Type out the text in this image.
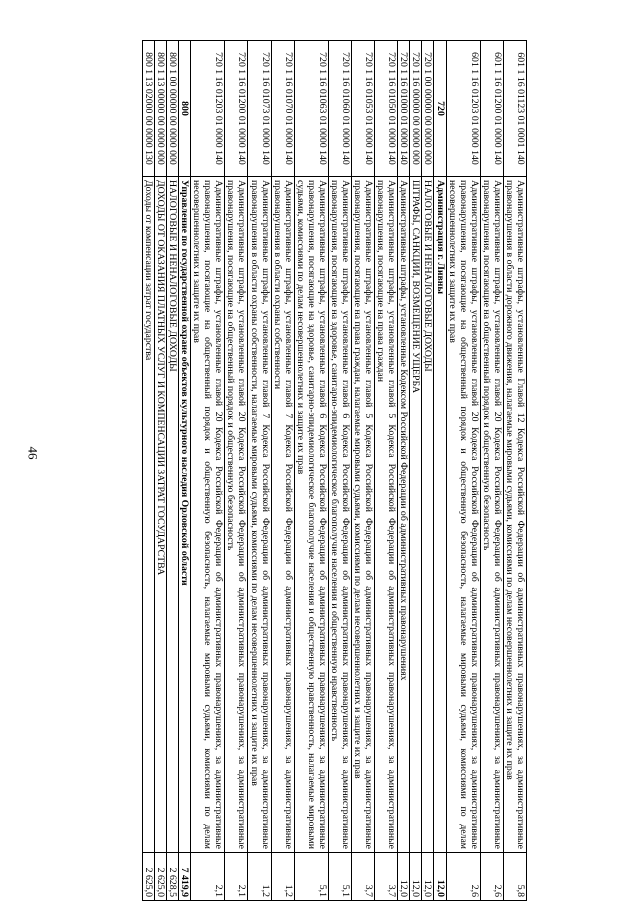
46
601 1 16 01123 01 0001 140	Административные штрафы, установленные Главой 12 Кодекса Российской Федерации об административных правонарушениях, за административные правонарушения в области дорожного движения, налагаемые мировыми судьями, комиссиями по делам несовершеннолетних и защите их прав	5,8
601 1 16 01200 01 0000 140	Административные штрафы, установленные главой 20 Кодекса Российской Федерации об административных правонарушениях, за административные правонарушения, посягающие на общественный порядок и общественную безопасность	2,6
601 1 16 01203 01 0000 140	Административные штрафы, установленные главой 20 Кодекса Российской Федерации об административных правонарушениях, за административные правонарушения, посягающие на общественный порядок и общественную безопасность, налагаемые мировыми судьями, комиссиями по делам несовершеннолетних и защите их прав	2,6
720	Администрация г. Ливны	12,0
720 1 00 00000 00 0000 000	НАЛОГОВЫЕ И НЕНАЛОГОВЫЕ ДОХОДЫ	12,0
720 1 16 00000 00 0000 000	ШТРАФЫ, САНКЦИИ, ВОЗМЕЩЕНИЕ УЩЕРБА	12,0
720 1 16 01000 01 0000 140	Административные штрафы, установленные Кодексом Российской Федерации об административных правонарушениях	12,0
720 1 16 01050 01 0000 140	Административные штрафы, установленные главой 5 Кодекса Российской Федерации об административных правонарушениях, за административные правонарушения, посягающие на права граждан	3,7
720 1 16 01053 01 0000 140	Административные штрафы, установленные главой 5 Кодекса Российской Федерации об административных правонарушениях, за административные правонарушения, посягающие на права граждан, налагаемые мировыми судьями, комиссиями по делам несовершеннолетних и защите их прав	3,7
720 1 16 01060 01 0000 140	Административные штрафы, установленные главой 6 Кодекса Российской Федерации об административных правонарушениях, за административные правонарушения, посягающие на здоровье, санитарно-эпидемиологическое благополучие населения и общественную нравственность	5,1
720 1 16 01063 01 0000 140	Административные штрафы, установленные главой 6 Кодекса Российской Федерации об административных правонарушениях, за административные правонарушения, посягающие на здоровье, санитарно-эпидемиологическое благополучие населения и общественную нравственность, налагаемые мировыми судьями, комиссиями по делам несовершеннолетних и защите их прав	5,1
720 1 16 01070 01 0000 140	Административные штрафы, установленные главой 7 Кодекса Российской Федерации об административных правонарушениях, за административные правонарушения в области охраны собственности	1,2
720 1 16 01073 01 0000 140	Административные штрафы, установленные главой 7 Кодекса Российской Федерации об административных правонарушениях, за административные правонарушения в области охраны собственности, налагаемые мировыми судьями, комиссиями по делам несовершеннолетних и защите их прав	1,2
720 1 16 01200 01 0000 140	Административные штрафы, установленные главой 20 Кодекса Российской Федерации об административных правонарушениях, за административные правонарушения, посягающие на общественный порядок и общественную безопасность	2,1
720 1 16 01203 01 0000 140	Административные штрафы, установленные главой 20 Кодекса Российской Федерации об административных правонарушениях, за административные правонарушения, посягающие на общественный порядок и общественную безопасность, налагаемые мировыми судьями, комиссиями по делам несовершеннолетних и защите их прав	2,1
800	Управление по государственной охране объектов культурного наследия Орловской области	7 419,9
800 1 00 00000 00 0000 000	НАЛОГОВЫЕ И НЕНАЛОГОВЫЕ ДОХОДЫ	2 628,5
800 1 13 00000 00 0000 000	ДОХОДЫ ОТ ОКАЗАНИЯ ПЛАТНЫХ УСЛУГ И КОМПЕНСАЦИИ ЗАТРАТ ГОСУДАРСТВА	2 625,0
800 1 13 02000 00 0000 130	Доходы от компенсации затрат государства	2 625,0
